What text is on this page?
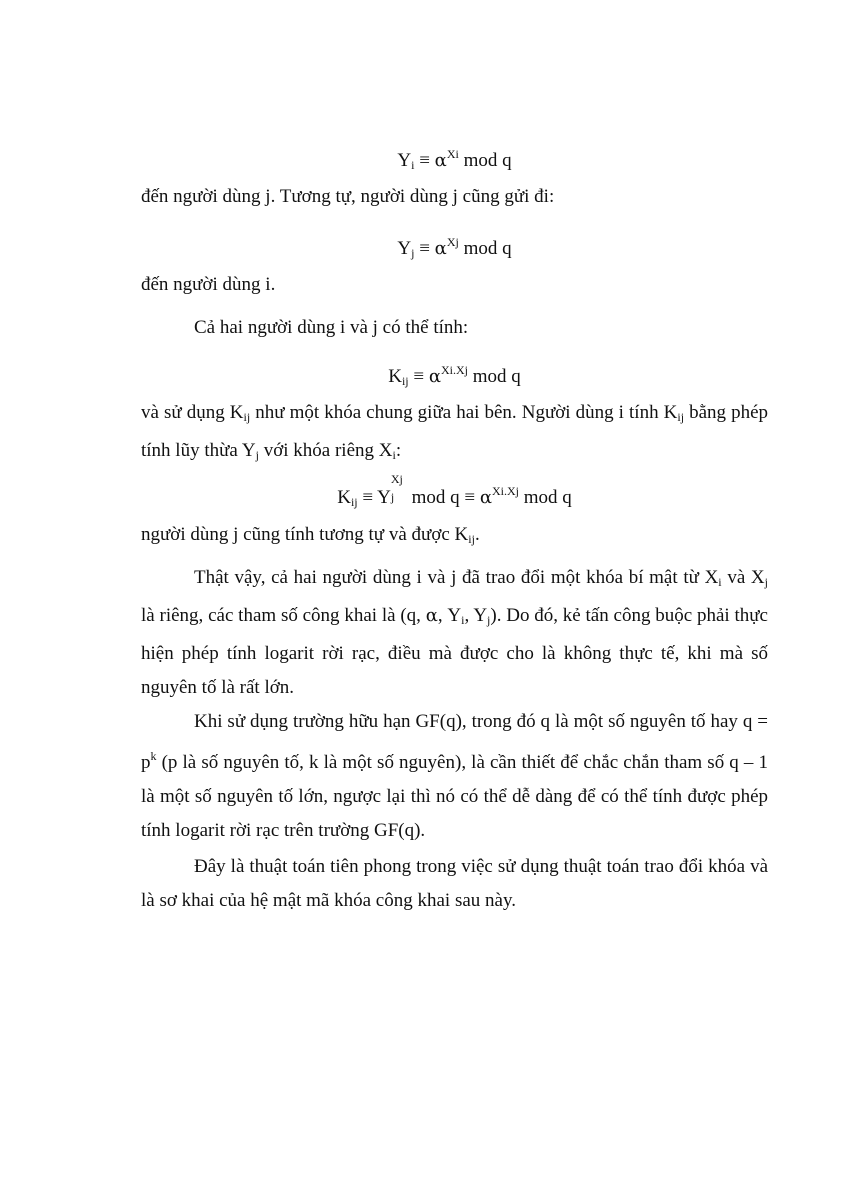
$Y_i \equiv \alpha^{Xi}$ mod q
đến người dùng j. Tương tự, người dùng j cũng gửi đi:
$Y_j \equiv \alpha^{Xj}$ mod q
đến người dùng i.
Cả hai người dùng i và j có thể tính:
$K_{ij} \equiv \alpha^{Xi.Xj}$ mod q
và sử dụng $K_{ij}$ như một khóa chung giữa hai bên. Người dùng i tính $K_{ij}$ bằng phép tính lũy thừa $Y_j$ với khóa riêng $X_i$:
$K_{ij} \equiv Y$
Xj
j mod $q \equiv \alpha^{Xi.Xj}$ mod q
người dùng j cũng tính tương tự và được $K_{ij}$.
Thật vậy, cả hai người dùng i và j đã trao đổi một khóa bí mật từ $X_i$ và $X_j$ là riêng, các tham số công khai là (q, α, $Y_i$, $Y_j$). Do đó, kẻ tấn công buộc phải thực hiện phép tính logarit rời rạc, điều mà được cho là không thực tế, khi mà số nguyên tố là rất lớn.
Khi sử dụng trường hữu hạn GF(q), trong đó q là một số nguyên tố hay $q = p^k$ (p là số nguyên tố, k là một số nguyên), là cần thiết để chắc chắn tham số q – 1 là một số nguyên tố lớn, ngược lại thì nó có thể dễ dàng để có thể tính được phép tính logarit rời rạc trên trường GF(q).
Đây là thuật toán tiên phong trong việc sử dụng thuật toán trao đổi khóa và là sơ khai của hệ mật mã khóa công khai sau này.
